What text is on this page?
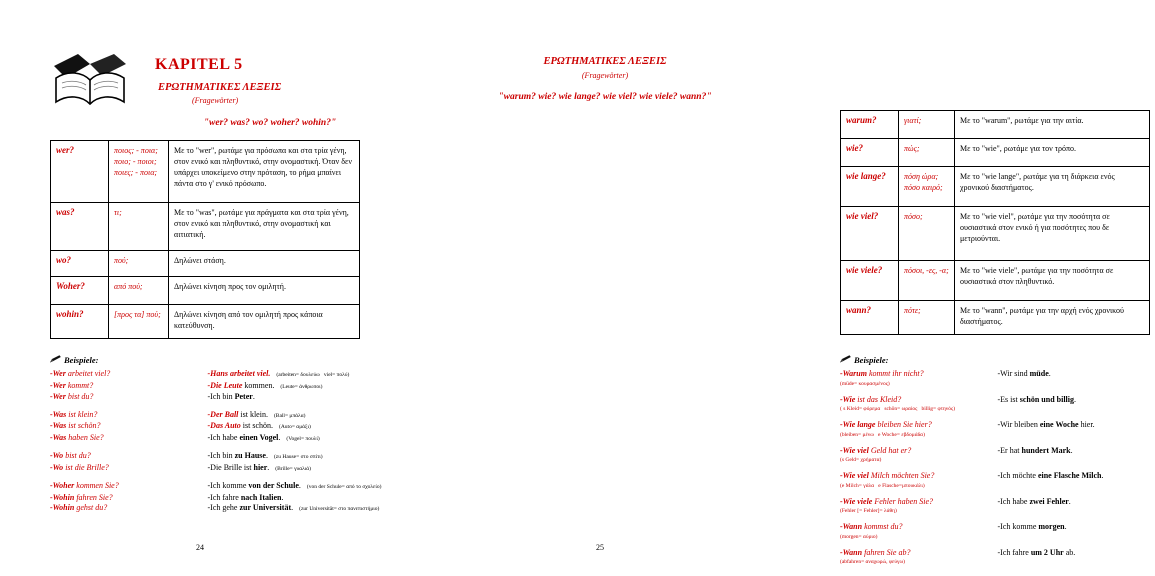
KAPITEL 5
ΕΡΩΤΗΜΑΤΙΚΕΣ ΛΕΞΕΙΣ
(Fragewörter)
"wer? was? wo? woher? wohin?"
wer?	ποιος; - ποια; ποιο; - ποιοι; ποιες; - ποια;	Με το "wer", ρωτάμε για πρόσωπα και στα τρία γένη, στον ενικό και πληθυντικό, στην ονομαστική. Όταν δεν υπάρχει υποκείμενο στην πρόταση, το ρήμα μπαίνει πάντα στο γ' ενικό πρόσωπο.
was?	τι;	Με το "was", ρωτάμε για πράγματα και στα τρία γένη, στον ενικό και πληθυντικό, στην ονομαστική και αιτιατική.
wo?	πού;	Δηλώνει στάση.
Woher?	από πού;	Δηλώνει κίνηση προς τον ομιλητή.
wohin?	[προς τα] πού;	Δηλώνει κίνηση από τον ομιλητή προς κάποια κατεύθυνση.
Beispiele:
-Wer arbeitet viel?	-Hans arbeitet viel. (arbeiten= δουλεύω   viel= πολύ)
-Wer kommt?	-Die Leute kommen. (Leute= άνθρωποι)
-Wer bist du?	-Ich bin Peter.
-Was ist klein?	-Der Ball ist klein. (Ball= μπάλα)
-Was ist schön?	-Das Auto ist schön. (Auto= αμάξι)
-Was haben Sie?	-Ich habe einen Vogel. (Vogel= πουλί)
-Wo bist du?	-Ich bin zu Hause. (zu Hause= στο σπίτι)
-Wo ist die Brille?	-Die Brille ist hier. (Brille= γυαλιά)
-Woher kommen Sie?	-Ich komme von der Schule. (von der Schule= από το σχολείο)
-Wohin fahren Sie?	-Ich fahre nach Italien.
-Wohin gehst du?	-Ich gehe zur Universität. (zur Universität= στο πανεπιστήμιο)
24
ΕΡΩΤΗΜΑΤΙΚΕΣ ΛΕΞΕΙΣ
(Fragewörter)
"warum? wie? wie lange? wie viel? wie viele? wann?"
warum?	γιατί;	Με το "warum", ρωτάμε για την αιτία.
wie?	πώς;	Με το "wie", ρωτάμε για τον τρόπο.
wie lange?	πόση ώρα; πόσο καιρό;	Με το "wie lange", ρωτάμε για τη διάρκεια ενός χρονικού διαστήματος.
wie viel?	πόσο;	Με το "wie viel", ρωτάμε για την ποσότητα σε ουσιαστικά στον ενικό ή για ποσότητες που δε μετριούνται.
wie viele?	πόσοι, -ες, -α;	Με το "wie viele", ρωτάμε για την ποσότητα σε ουσιαστικά στον πληθυντικό.
wann?	πότε;	Με το "wann", ρωτάμε για την αρχή ενός χρονικού διαστήματος.
Beispiele:
-Warum kommt ihr nicht?	-Wir sind müde.
(müde= κουρασμένος)
-Wie ist das Kleid?	-Es ist schön und billig.
( s Kleid= φόρεμα   schön= ωραίος   billig= φτηνός)
-Wie lange bleiben Sie hier?	-Wir bleiben eine Woche hier.
(bleiben= μένω   e Woche= εβδομάδα)
-Wie viel Geld hat er?	-Er hat hundert Mark.
(s Geld= χρήματα)
-Wie viel Milch möchten Sie?	-Ich möchte eine Flasche Milch.
(e Milch= γάλα   e Flasche=μπουκάλι)
-Wie viele Fehler haben Sie?	-Ich habe zwei Fehler.
(Fehler [= Fehler]= λάθη)
-Wann kommst du?	-Ich komme morgen.
(morgen= αύριο)
-Wann fahren Sie ab?	-Ich fahre um 2 Uhr ab.
(abfahren= αναχωρώ, φεύγω)
25
